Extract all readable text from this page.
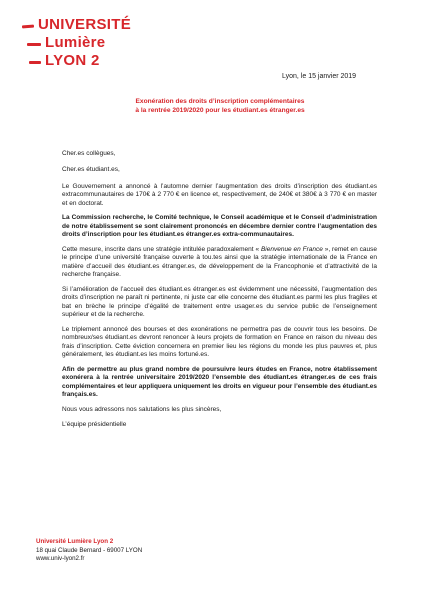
UNIVERSITÉ
Lumière
LYON 2
Lyon, le 15 janvier 2019
Exonération des droits d’inscription complémentaires
à la rentrée 2019/2020 pour les étudiant.es étranger.es

Cher.es collègues,

Cher.es étudiant.es,

Le Gouvernement a annoncé à l’automne dernier l’augmentation des droits d’inscription des étudiant.es extracommunautaires de 170€ à 2 770 € en licence et, respectivement, de 240€ et 380€ à 3 770 € en master et en doctorat.

La Commission recherche, le Comité technique, le Conseil académique et le Conseil d’administration de notre établissement se sont clairement prononcés en décembre dernier contre l’augmentation des droits d’inscription pour les étudiant.es étranger.es extra-communautaires.

Cette mesure, inscrite dans une stratégie intitulée paradoxalement « Bienvenue en France », remet en cause le principe d’une université française ouverte à tou.tes ainsi que la stratégie internationale de la France en matière d’accueil des étudiant.es étranger.es, de développement de la Francophonie et d’attractivité de la recherche française.

Si l’amélioration de l’accueil des étudiant.es étranger.es est évidemment une nécessité, l’augmentation des droits d’inscription ne paraît ni pertinente, ni juste car elle concerne des étudiant.es parmi les plus fragiles et bat en brèche le principe d’égalité de traitement entre usager.es du service public de l’enseignement supérieur et de la recherche.

Le triplement annoncé des bourses et des exonérations ne permettra pas de couvrir tous les besoins. De nombreux/ses étudiant.es devront renoncer à leurs projets de formation en France en raison du niveau des frais d’inscription. Cette éviction concernera en premier lieu les régions du monde les plus pauvres et, plus généralement, les étudiant.es les moins fortuné.es.

Afin de permettre au plus grand nombre de poursuivre leurs études en France, notre établissement exonérera à la rentrée universitaire 2019/2020 l’ensemble des étudiant.es étranger.es de ces frais complémentaires et leur appliquera uniquement les droits en vigueur pour l’ensemble des étudiant.es français.es.

Nous vous adressons nos salutations les plus sincères,

L’équipe présidentielle

Université Lumière Lyon 2
18 quai Claude Bernard - 69007 LYON
www.univ-lyon2.fr
